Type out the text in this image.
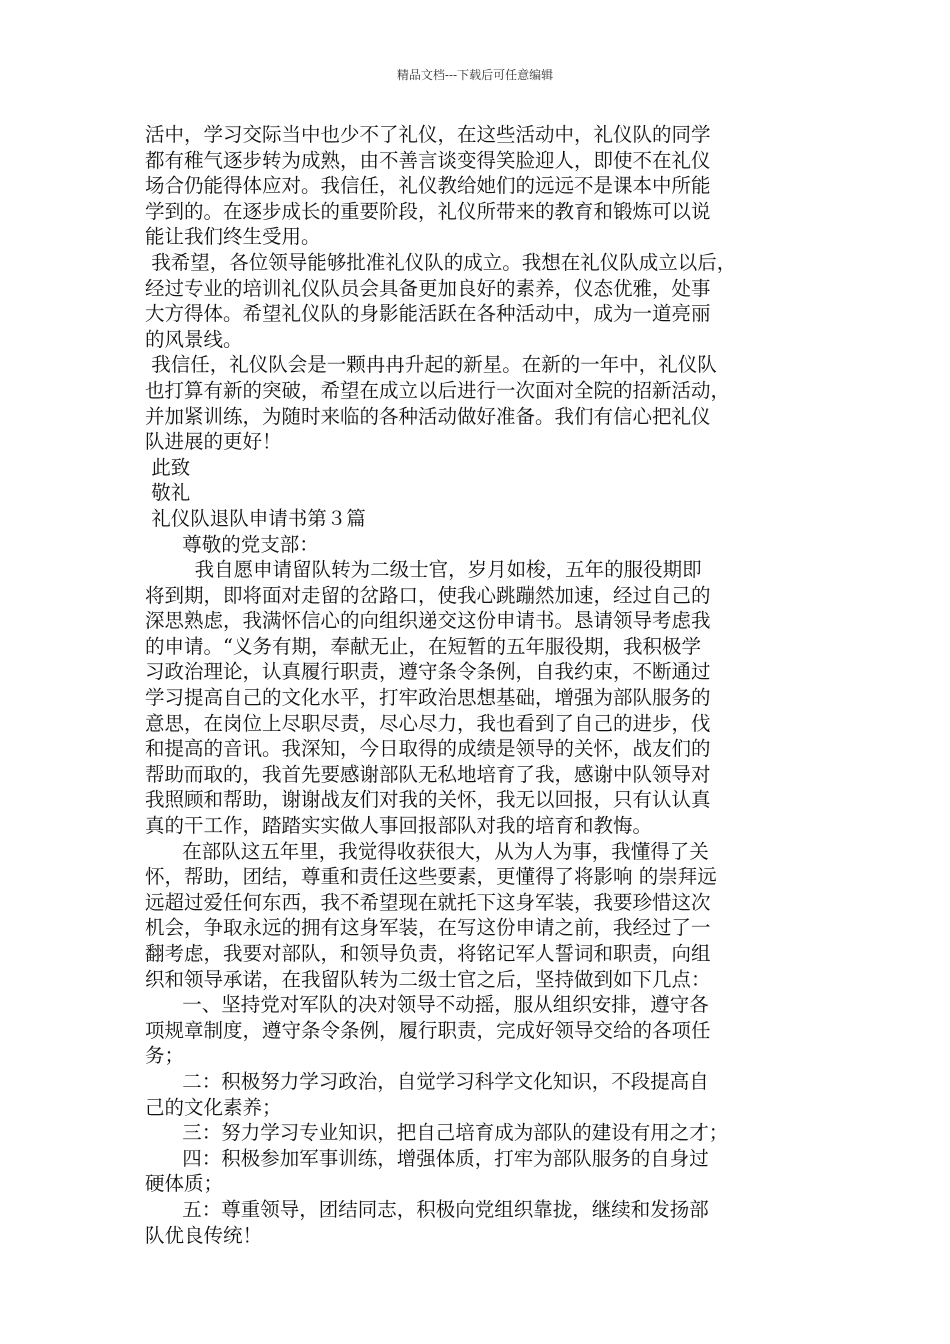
精品文档---下载后可任意编辑
活中，学习交际当中也少不了礼仪，在这些活动中，礼仪队的同学
都有稚气逐步转为成熟，由不善言谈变得笑脸迎人，即使不在礼仪
场合仍能得体应对。我信任，礼仪教给她们的远远不是课本中所能
学到的。在逐步成长的重要阶段，礼仪所带来的教育和锻炼可以说
能让我们终生受用。
我希望，各位领导能够批准礼仪队的成立。我想在礼仪队成立以后，
经过专业的培训礼仪队员会具备更加良好的素养，仪态优雅，处事
大方得体。希望礼仪队的身影能活跃在各种活动中，成为一道亮丽
的风景线。
我信任，礼仪队会是一颗冉冉升起的新星。在新的一年中，礼仪队
也打算有新的突破，希望在成立以后进行一次面对全院的招新活动，
并加紧训练，为随时来临的各种活动做好准备。我们有信心把礼仪
队进展的更好！
此致
敬礼
礼仪队退队申请书第３篇
尊敬的党支部：
我自愿申请留队转为二级士官，岁月如梭，五年的服役期即
将到期，即将面对走留的岔路口，使我心跳蹦然加速，经过自己的
深思熟虑，我满怀信心的向组织递交这份申请书。恳请领导考虑我
的申请。“义务有期，奉献无止，在短暂的五年服役期，我积极学
习政治理论，认真履行职责，遵守条令条例，自我约束，不断通过
学习提高自己的文化水平，打牢政治思想基础，增强为部队服务的
意思，在岗位上尽职尽责，尽心尽力，我也看到了自己的进步，伐
和提高的音讯。我深知，今日取得的成绩是领导的关怀，战友们的
帮助而取的，我首先要感谢部队无私地培育了我，感谢中队领导对
我照顾和帮助，谢谢战友们对我的关怀，我无以回报，只有认认真
真的干工作，踏踏实实做人事回报部队对我的培育和教悔。
在部队这五年里，我觉得收获很大，从为人为事，我懂得了关
怀，帮助，团结，尊重和责任这些要素，更懂得了将影响 的崇拜远
远超过爱任何东西，我不希望现在就托下这身军装，我要珍惜这次
机会，争取永远的拥有这身军装，在写这份申请之前，我经过了一
翻考虑，我要对部队，和领导负责，将铭记军人誓词和职责，向组
织和领导承诺，在我留队转为二级士官之后，坚持做到如下几点：
一、坚持党对军队的决对领导不动摇，服从组织安排，遵守各
项规章制度，遵守条令条例，履行职责，完成好领导交给的各项任
务；
二：积极努力学习政治，自觉学习科学文化知识，不段提高自
己的文化素养；
三：努力学习专业知识，把自己培育成为部队的建设有用之才；
四：积极参加军事训练，增强体质，打牢为部队服务的自身过
硬体质；
五：尊重领导，团结同志，积极向党组织靠拢，继续和发扬部
队优良传统！
